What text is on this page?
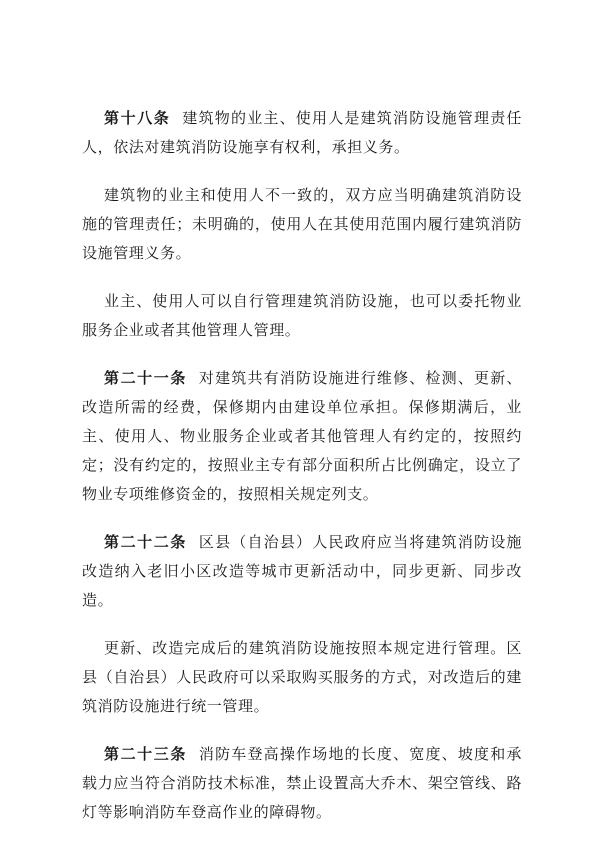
第十八条 建筑物的业主、使用人是建筑消防设施管理责任人，依法对建筑消防设施享有权利，承担义务。

建筑物的业主和使用人不一致的，双方应当明确建筑消防设施的管理责任；未明确的，使用人在其使用范围内履行建筑消防设施管理义务。

业主、使用人可以自行管理建筑消防设施，也可以委托物业服务企业或者其他管理人管理。

第二十一条 对建筑共有消防设施进行维修、检测、更新、改造所需的经费，保修期内由建设单位承担。保修期满后，业主、使用人、物业服务企业或者其他管理人有约定的，按照约定；没有约定的，按照业主专有部分面积所占比例确定，设立了物业专项维修资金的，按照相关规定列支。

第二十二条 区县（自治县）人民政府应当将建筑消防设施改造纳入老旧小区改造等城市更新活动中，同步更新、同步改造。

更新、改造完成后的建筑消防设施按照本规定进行管理。区县（自治县）人民政府可以采取购买服务的方式，对改造后的建筑消防设施进行统一管理。

第二十三条 消防车登高操作场地的长度、宽度、坡度和承载力应当符合消防技术标准，禁止设置高大乔木、架空管线、路灯等影响消防车登高作业的障碍物。
